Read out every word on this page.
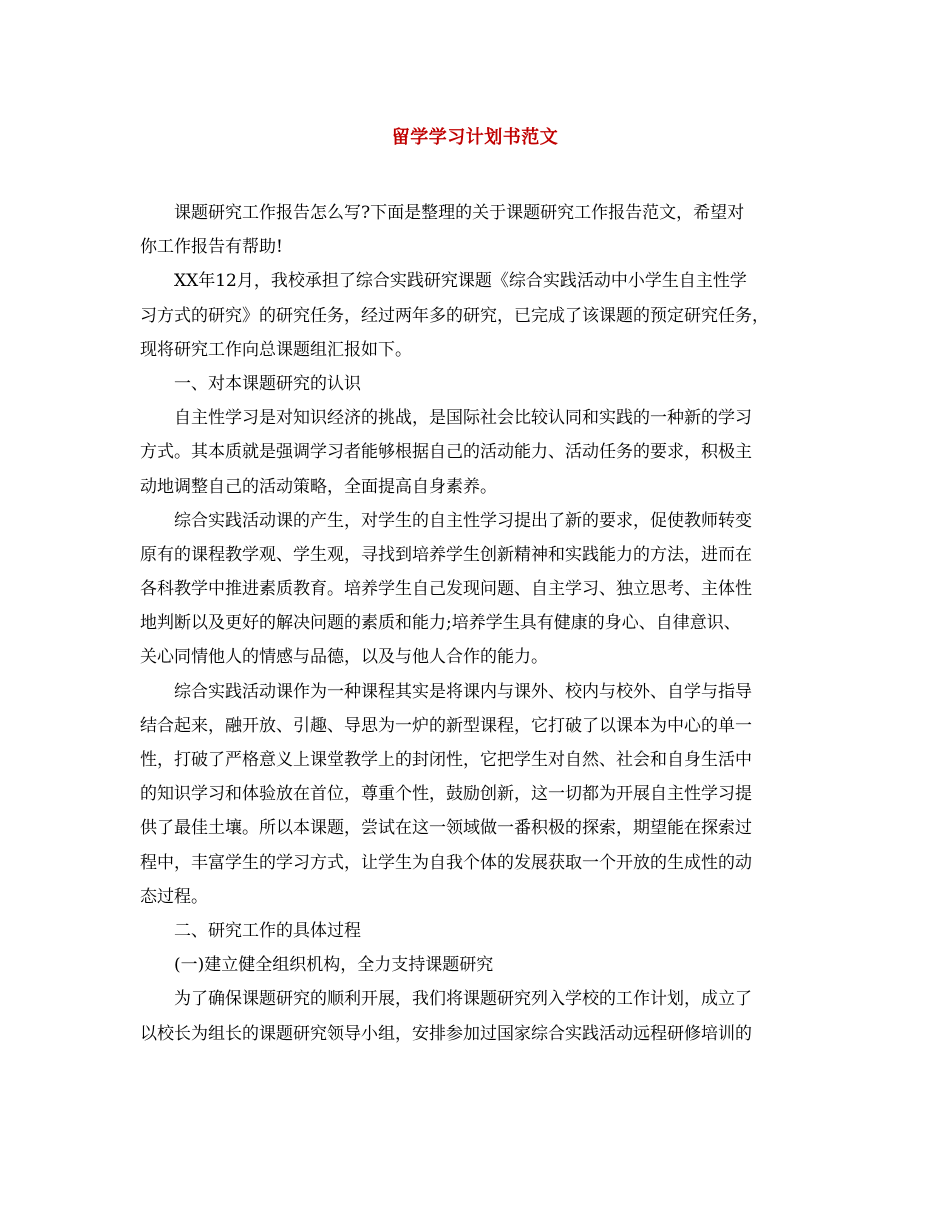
留学学习计划书范文
课题研究工作报告怎么写?下面是整理的关于课题研究工作报告范文，希望对
你工作报告有帮助!
XX年12月，我校承担了综合实践研究课题《综合实践活动中小学生自主性学
习方式的研究》的研究任务，经过两年多的研究，已完成了该课题的预定研究任务，
现将研究工作向总课题组汇报如下。
一、对本课题研究的认识
自主性学习是对知识经济的挑战，是国际社会比较认同和实践的一种新的学习
方式。其本质就是强调学习者能够根据自己的活动能力、活动任务的要求，积极主
动地调整自己的活动策略，全面提高自身素养。
综合实践活动课的产生，对学生的自主性学习提出了新的要求，促使教师转变
原有的课程教学观、学生观，寻找到培养学生创新精神和实践能力的方法，进而在
各科教学中推进素质教育。培养学生自己发现问题、自主学习、独立思考、主体性
地判断以及更好的解决问题的素质和能力;培养学生具有健康的身心、自律意识、
关心同情他人的情感与品德，以及与他人合作的能力。
综合实践活动课作为一种课程其实是将课内与课外、校内与校外、自学与指导
结合起来，融开放、引趣、导思为一炉的新型课程，它打破了以课本为中心的单一
性，打破了严格意义上课堂教学上的封闭性，它把学生对自然、社会和自身生活中
的知识学习和体验放在首位，尊重个性，鼓励创新，这一切都为开展自主性学习提
供了最佳土壤。所以本课题，尝试在这一领域做一番积极的探索，期望能在探索过
程中，丰富学生的学习方式，让学生为自我个体的发展获取一个开放的生成性的动
态过程。
二、研究工作的具体过程
(一)建立健全组织机构，全力支持课题研究
为了确保课题研究的顺利开展，我们将课题研究列入学校的工作计划，成立了
以校长为组长的课题研究领导小组，安排参加过国家综合实践活动远程研修培训的
